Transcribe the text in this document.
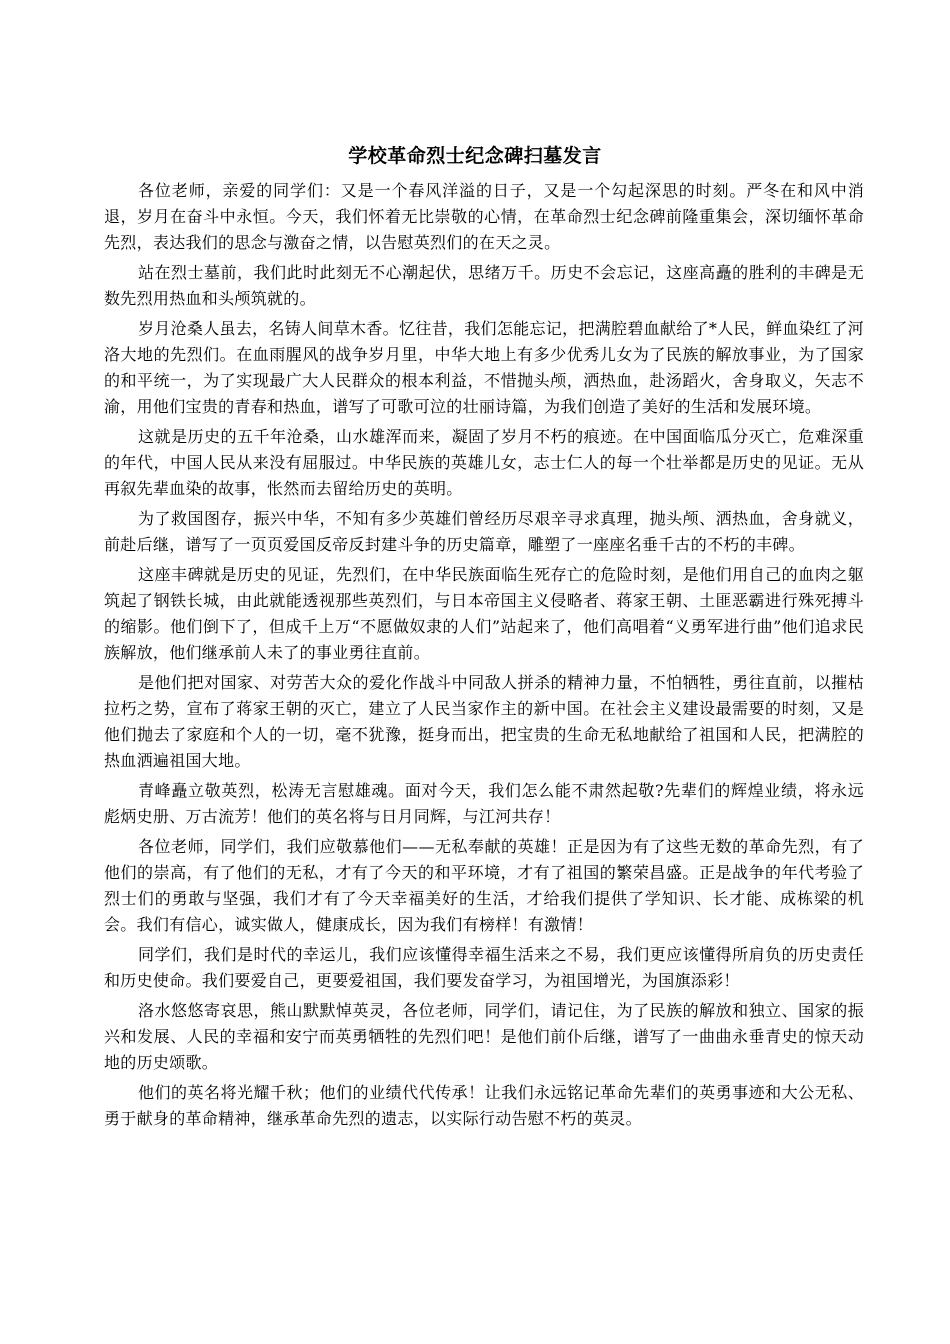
学校革命烈士纪念碑扫墓发言

各位老师，亲爱的同学们：又是一个春风洋溢的日子，又是一个勾起深思的时刻。严冬在和风中消退，岁月在奋斗中永恒。今天，我们怀着无比崇敬的心情，在革命烈士纪念碑前隆重集会，深切缅怀革命先烈，表达我们的思念与激奋之情，以告慰英烈们的在天之灵。

站在烈士墓前，我们此时此刻无不心潮起伏，思绪万千。历史不会忘记，这座高矗的胜利的丰碑是无数先烈用热血和头颅筑就的。

岁月沧桑人虽去，名铸人间草木香。忆往昔，我们怎能忘记，把满腔碧血献给了*人民，鲜血染红了河洛大地的先烈们。在血雨腥风的战争岁月里，中华大地上有多少优秀儿女为了民族的解放事业，为了国家的和平统一，为了实现最广大人民群众的根本利益，不惜抛头颅，洒热血，赴汤蹈火，舍身取义，矢志不渝，用他们宝贵的青春和热血，谱写了可歌可泣的壮丽诗篇，为我们创造了美好的生活和发展环境。

这就是历史的五千年沧桑，山水雄浑而来，凝固了岁月不朽的痕迹。在中国面临瓜分灭亡，危难深重的年代，中国人民从来没有屈服过。中华民族的英雄儿女，志士仁人的每一个壮举都是历史的见证。无从再叙先辈血染的故事，怅然而去留给历史的英明。

为了救国图存，振兴中华，不知有多少英雄们曾经历尽艰辛寻求真理，抛头颅、洒热血，舍身就义，前赴后继，谱写了一页页爱国反帝反封建斗争的历史篇章，雕塑了一座座名垂千古的不朽的丰碑。

这座丰碑就是历史的见证，先烈们，在中华民族面临生死存亡的危险时刻，是他们用自己的血肉之躯筑起了钢铁长城，由此就能透视那些英烈们，与日本帝国主义侵略者、蒋家王朝、土匪恶霸进行殊死搏斗的缩影。他们倒下了，但成千上万“不愿做奴隶的人们”站起来了，他们高唱着“义勇军进行曲”他们追求民族解放，他们继承前人未了的事业勇往直前。

是他们把对国家、对劳苦大众的爱化作战斗中同敌人拼杀的精神力量，不怕牺牲，勇往直前，以摧枯拉朽之势，宣布了蒋家王朝的灭亡，建立了人民当家作主的新中国。在社会主义建设最需要的时刻，又是他们抛去了家庭和个人的一切，毫不犹豫，挺身而出，把宝贵的生命无私地献给了祖国和人民，把满腔的热血洒遍祖国大地。

青峰矗立敬英烈，松涛无言慰雄魂。面对今天，我们怎么能不肃然起敬?先辈们的辉煌业绩，将永远彪炳史册、万古流芳！他们的英名将与日月同辉，与江河共存！

各位老师，同学们，我们应敬慕他们——无私奉献的英雄！正是因为有了这些无数的革命先烈，有了他们的崇高，有了他们的无私，才有了今天的和平环境，才有了祖国的繁荣昌盛。正是战争的年代考验了烈士们的勇敢与坚强，我们才有了今天幸福美好的生活，才给我们提供了学知识、长才能、成栋梁的机会。我们有信心，诚实做人，健康成长，因为我们有榜样！有激情！

同学们，我们是时代的幸运儿，我们应该懂得幸福生活来之不易，我们更应该懂得所肩负的历史责任和历史使命。我们要爱自己，更要爱祖国，我们要发奋学习，为祖国增光，为国旗添彩！

洛水悠悠寄哀思，熊山默默悼英灵，各位老师，同学们，请记住，为了民族的解放和独立、国家的振兴和发展、人民的幸福和安宁而英勇牺牲的先烈们吧！是他们前仆后继，谱写了一曲曲永垂青史的惊天动地的历史颂歌。

他们的英名将光耀千秋；他们的业绩代代传承！让我们永远铭记革命先辈们的英勇事迹和大公无私、勇于献身的革命精神，继承革命先烈的遗志，以实际行动告慰不朽的英灵。
